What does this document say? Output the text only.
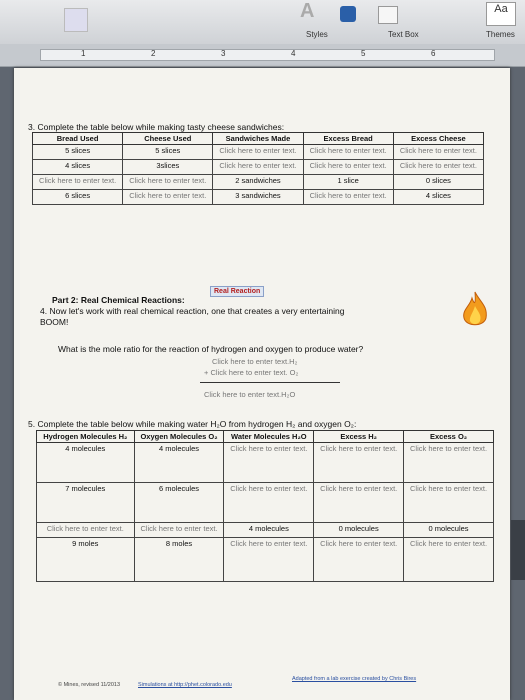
A
Styles	Text Box
Aa
Themes
1	2	3	4	5	6
3. Complete the table below while making tasty cheese sandwiches:
Bread Used	Cheese Used	Sandwiches Made	Excess Bread	Excess Cheese
5 slices	5 slices	Click here to enter text.	Click here to enter text.	Click here to enter text.
4 slices	3slices	Click here to enter text.	Click here to enter text.	Click here to enter text.
Click here to enter text.	Click here to enter text.	2 sandwiches	1 slice	0 slices
6 slices	Click here to enter text.	3 sandwiches	Click here to enter text.	4 slices
Real Reaction
Part 2: Real Chemical Reactions:
4. Now let's work with real chemical reaction, one that creates a very entertaining BOOM!
What is the mole ratio for the reaction of hydrogen and oxygen to produce water?
Click here to enter text.H₂
+ Click here to enter text. O₂
Click here to enter text.H₂O
5. Complete the table below while making water H₂O from hydrogen H₂ and oxygen O₂:
Hydrogen Molecules H₂	Oxygen Molecules O₂	Water Molecules H₂O	Excess H₂	Excess O₂
4 molecules	4 molecules	Click here to enter text.	Click here to enter text.	Click here to enter text.
7 molecules	6 molecules	Click here to enter text.	Click here to enter text.	Click here to enter text.
Click here to enter text.	Click here to enter text.	4 molecules	0 molecules	0 molecules
9 moles	8 moles	Click here to enter text.	Click here to enter text.	Click here to enter text.
© Mines, revised 11/2013	Simulations at http://phet.colorado.edu
Adapted from a lab exercise created by Chris Bires
